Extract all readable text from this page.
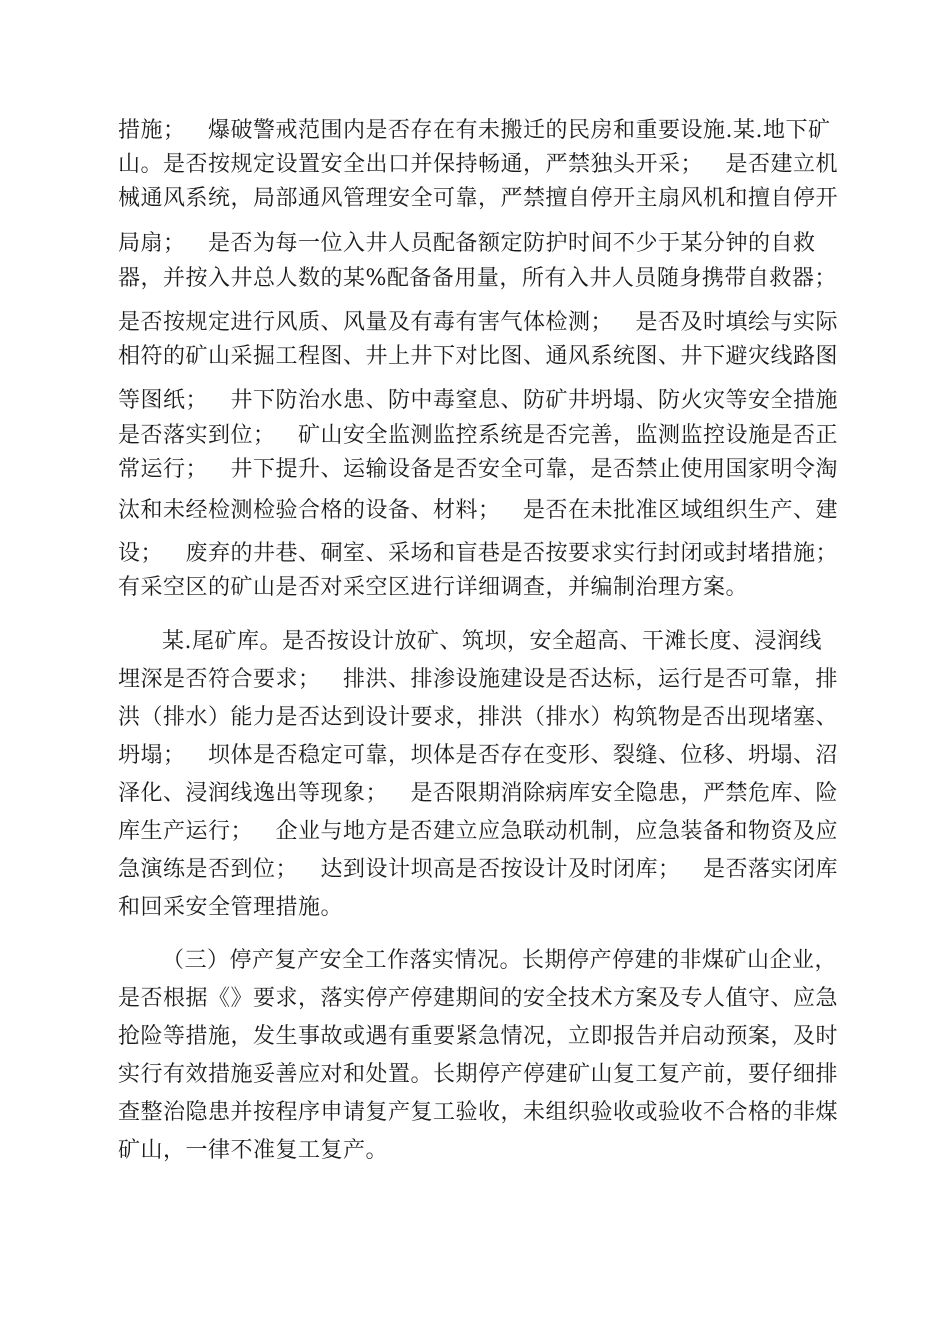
措施；   爆破警戒范围内是否存在有未搬迁的民房和重要设施.某.地下矿

山。是否按规定设置安全出口并保持畅通，严禁独头开采；   是否建立机

械通风系统，局部通风管理安全可靠，严禁擅自停开主扇风机和擅自停开

局扇；   是否为每一位入井人员配备额定防护时间不少于某分钟的自救

器，并按入井总人数的某%配备备用量，所有入井人员随身携带自救器；

是否按规定进行风质、风量及有毒有害气体检测；   是否及时填绘与实际

相符的矿山采掘工程图、井上井下对比图、通风系统图、井下避灾线路图

等图纸；   井下防治水患、防中毒窒息、防矿井坍塌、防火灾等安全措施

是否落实到位；   矿山安全监测监控系统是否完善，监测监控设施是否正

常运行；   井下提升、运输设备是否安全可靠，是否禁止使用国家明令淘

汰和未经检测检验合格的设备、材料；   是否在未批准区域组织生产、建

设；   废弃的井巷、硐室、采场和盲巷是否按要求实行封闭或封堵措施；

有采空区的矿山是否对采空区进行详细调查，并编制治理方案。

某.尾矿库。是否按设计放矿、筑坝，安全超高、干滩长度、浸润线

埋深是否符合要求；   排洪、排渗设施建设是否达标，运行是否可靠，排

洪（排水）能力是否达到设计要求，排洪（排水）构筑物是否出现堵塞、

坍塌；   坝体是否稳定可靠，坝体是否存在变形、裂缝、位移、坍塌、沼

泽化、浸润线逸出等现象；   是否限期消除病库安全隐患，严禁危库、险

库生产运行；   企业与地方是否建立应急联动机制，应急装备和物资及应

急演练是否到位；   达到设计坝高是否按设计及时闭库；   是否落实闭库

和回采安全管理措施。

（三）停产复产安全工作落实情况。长期停产停建的非煤矿山企业，

是否根据《》要求，落实停产停建期间的安全技术方案及专人值守、应急

抢险等措施，发生事故或遇有重要紧急情况，立即报告并启动预案，及时

实行有效措施妥善应对和处置。长期停产停建矿山复工复产前，要仔细排

查整治隐患并按程序申请复产复工验收，未组织验收或验收不合格的非煤

矿山，一律不准复工复产。
